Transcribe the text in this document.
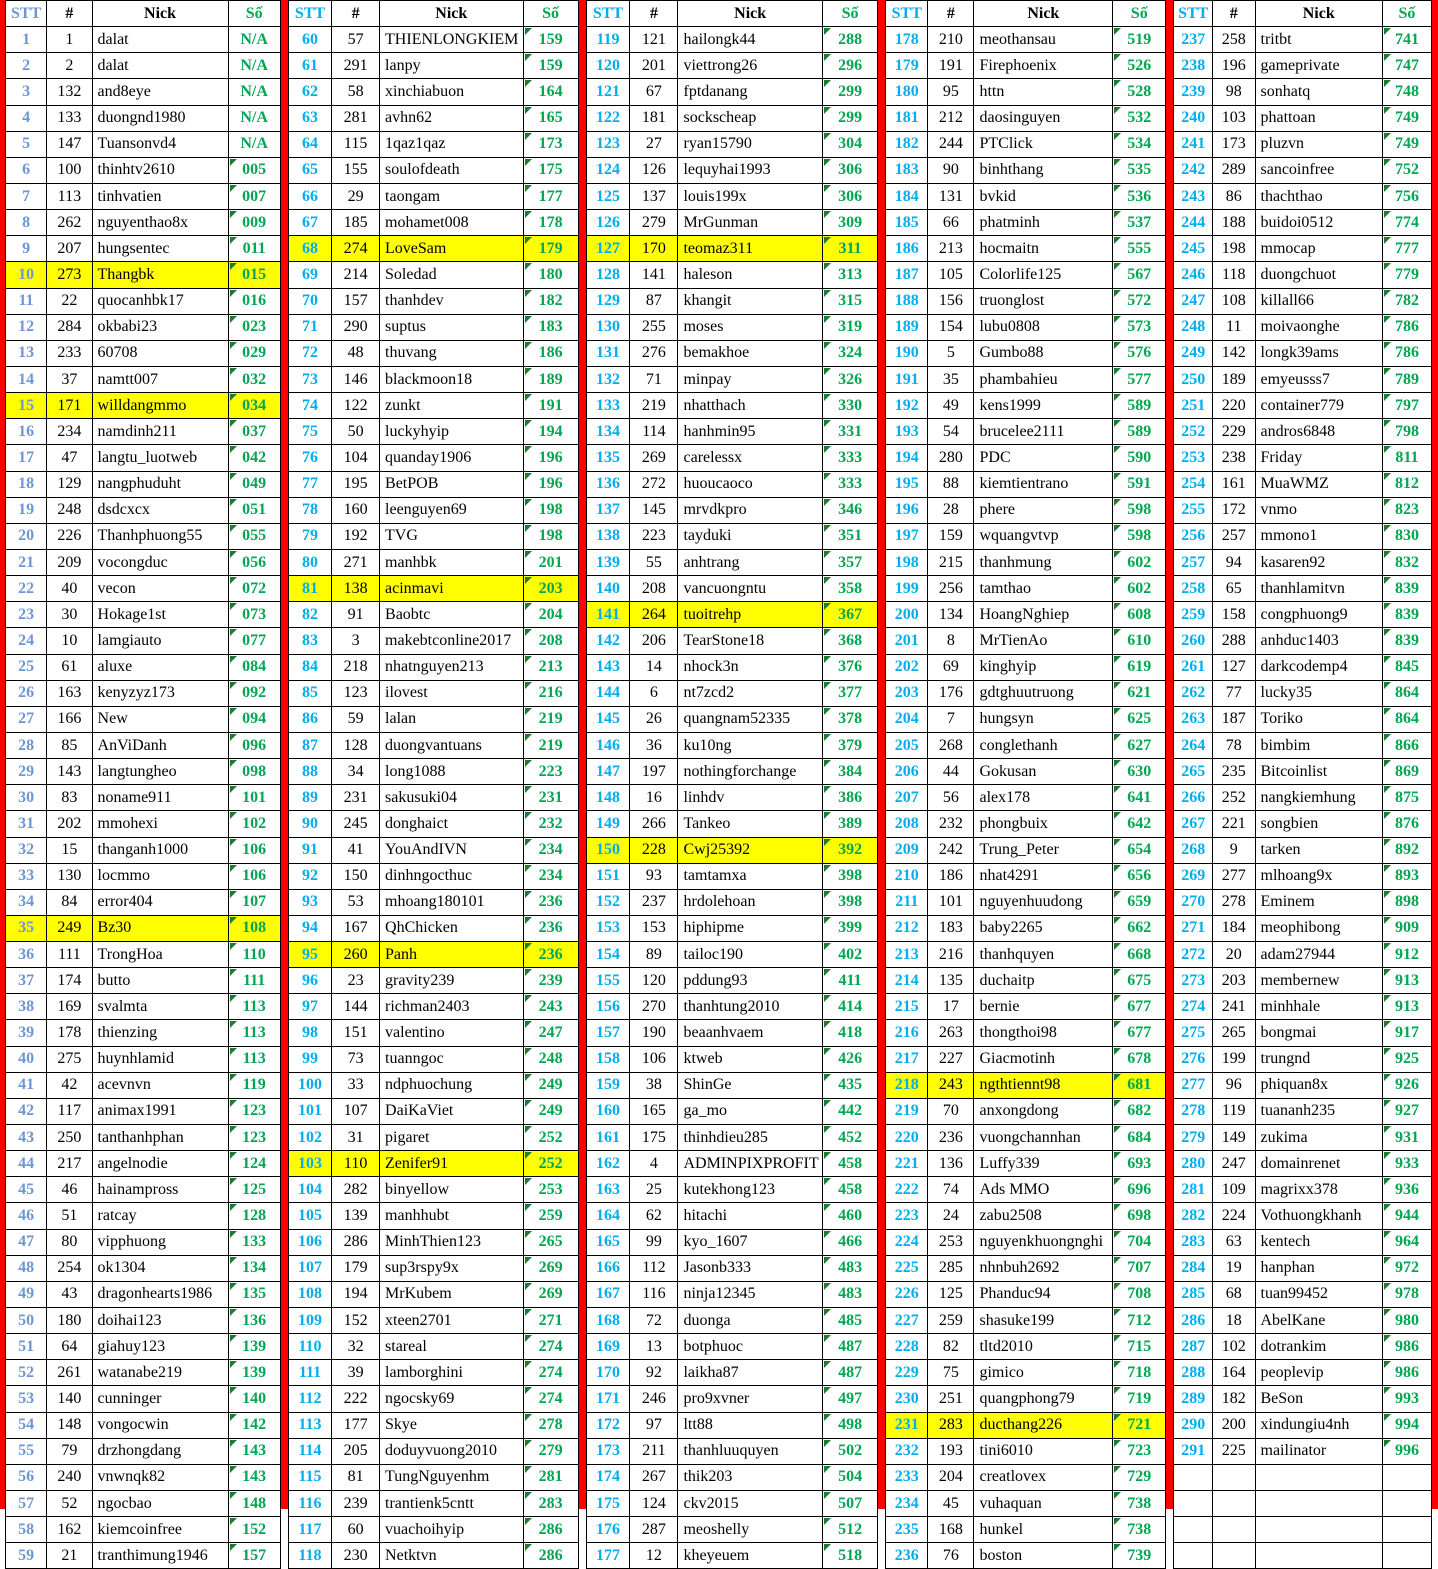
STT	#	Nick	Số
1	1	dalat	N/A
2	2	dalat	N/A
3	132	and8eye	N/A
4	133	duongnd1980	N/A
5	147	Tuansonvd4	N/A
6	100	thinhtv2610	005

7	113	tinhvatien	007

8	262	nguyenthao8x	009

9	207	hungsentec	011

10	273	Thangbk	015

11	22	quocanhbk17	016

12	284	okbabi23	023

13	233	60708	029

14	37	namtt007	032

15	171	willdangmmo	034

16	234	namdinh211	037

17	47	langtu_luotweb	042

18	129	nangphuduht	049

19	248	dsdcxcx	051

20	226	Thanhphuong55	055

21	209	vocongduc	056

22	40	vecon	072

23	30	Hokage1st	073

24	10	lamgiauto	077

25	61	aluxe	084

26	163	kenyzyz173	092

27	166	New	094

28	85	AnViDanh	096

29	143	langtungheo	098

30	83	noname911	101

31	202	mmohexi	102

32	15	thanganh1000	106

33	130	locmmo	106

34	84	error404	107

35	249	Bz30	108

36	111	TrongHoa	110

37	174	butto	111

38	169	svalmta	113

39	178	thienzing	113

40	275	huynhlamid	113

41	42	acevnvn	119

42	117	animax1991	123

43	250	tanthanhphan	123

44	217	angelnodie	124

45	46	hainampross	125

46	51	ratcay	128

47	80	vipphuong	133

48	254	ok1304	134

49	43	dragonhearts1986	135

50	180	doihai123	136

51	64	giahuy123	139

52	261	watanabe219	139

53	140	cunninger	140

54	148	vongocwin	142

55	79	drzhongdang	143

56	240	vnwnqk82	143

57	52	ngocbao	148

58	162	kiemcoinfree	152

59	21	tranthimung1946	157
STT	#	Nick	Số
60	57	THIENLONGKIEM	159

61	291	lanpy	159

62	58	xinchiabuon	164

63	281	avhn62	165

64	115	1qaz1qaz	173

65	155	soulofdeath	175

66	29	taongam	177

67	185	mohamet008	178

68	274	LoveSam	179

69	214	Soledad	180

70	157	thanhdev	182

71	290	suptus	183

72	48	thuvang	186

73	146	blackmoon18	189

74	122	zunkt	191

75	50	luckyhyip	194

76	104	quanday1906	196

77	195	BetPOB	196

78	160	leenguyen69	198

79	192	TVG	198

80	271	manhbk	201

81	138	acinmavi	203

82	91	Baobtc	204

83	3	makebtconline2017	208

84	218	nhatnguyen213	213

85	123	ilovest	216

86	59	lalan	219

87	128	duongvantuans	219

88	34	long1088	223

89	231	sakusuki04	231

90	245	donghaict	232

91	41	YouAndIVN	234

92	150	dinhngocthuc	234

93	53	mhoang180101	236

94	167	QhChicken	236

95	260	Panh	236

96	23	gravity239	239

97	144	richman2403	243

98	151	valentino	247

99	73	tuanngoc	248

100	33	ndphuochung	249

101	107	DaiKaViet	249

102	31	pigaret	252

103	110	Zenifer91	252

104	282	binyellow	253

105	139	manhhubt	259

106	286	MinhThien123	265

107	179	sup3rspy9x	269

108	194	MrKubem	269

109	152	xteen2701	271

110	32	stareal	274

111	39	lamborghini	274

112	222	ngocsky69	274

113	177	Skye	278

114	205	doduyvuong2010	279

115	81	TungNguyenhm	281

116	239	trantienk5cntt	283

117	60	vuachoihyip	286

118	230	Netktvn	286
STT	#	Nick	Số
119	121	hailongk44	288

120	201	viettrong26	296

121	67	fptdanang	299

122	181	sockscheap	299

123	27	ryan15790	304

124	126	lequyhai1993	306

125	137	louis199x	306

126	279	MrGunman	309

127	170	teomaz311	311

128	141	haleson	313

129	87	khangit	315

130	255	moses	319

131	276	bemakhoe	324

132	71	minpay	326

133	219	nhatthach	330

134	114	hanhmin95	331

135	269	carelessx	333

136	272	huoucaoco	333

137	145	mrvdkpro	346

138	223	tayduki	351

139	55	anhtrang	357

140	208	vancuongntu	358

141	264	tuoitrehp	367

142	206	TearStone18	368

143	14	nhock3n	376

144	6	nt7zcd2	377

145	26	quangnam52335	378

146	36	ku10ng	379

147	197	nothingforchange	384

148	16	linhdv	386

149	266	Tankeo	389

150	228	Cwj25392	392

151	93	tamtamxa	398

152	237	hrdolehoan	398

153	153	hiphipme	399

154	89	tailoc190	402

155	120	pddung93	411

156	270	thanhtung2010	414

157	190	beaanhvaem	418

158	106	ktweb	426

159	38	ShinGe	435

160	165	ga_mo	442

161	175	thinhdieu285	452

162	4	ADMINPIXPROFIT	458

163	25	kutekhong123	458

164	62	hitachi	460

165	99	kyo_1607	466

166	112	Jasonb333	483

167	116	ninja12345	483

168	72	duonga	485

169	13	botphuoc	487

170	92	laikha87	487

171	246	pro9xvner	497

172	97	ltt88	498

173	211	thanhluuquyen	502

174	267	thik203	504

175	124	ckv2015	507

176	287	meoshelly	512

177	12	kheyeuem	518
STT	#	Nick	Số
178	210	meothansau	519

179	191	Firephoenix	526

180	95	httn	528

181	212	daosinguyen	532

182	244	PTClick	534

183	90	binhthang	535

184	131	bvkid	536

185	66	phatminh	537

186	213	hocmaitn	555

187	105	Colorlife125	567

188	156	truonglost	572

189	154	lubu0808	573

190	5	Gumbo88	576

191	35	phambahieu	577

192	49	kens1999	589

193	54	brucelee2111	589

194	280	PDC	590

195	88	kiemtientrano	591

196	28	phere	598

197	159	wquangvtvp	598

198	215	thanhmung	602

199	256	tamthao	602

200	134	HoangNghiep	608

201	8	MrTienAo	610

202	69	kinghyip	619

203	176	gdtghuutruong	621

204	7	hungsyn	625

205	268	conglethanh	627

206	44	Gokusan	630

207	56	alex178	641

208	232	phongbuix	642

209	242	Trung_Peter	654

210	186	nhat4291	656

211	101	nguyenhuudong	659

212	183	baby2265	662

213	216	thanhquyen	668

214	135	duchaitp	675

215	17	bernie	677

216	263	thongthoi98	677

217	227	Giacmotinh	678

218	243	ngthtiennt98	681

219	70	anxongdong	682

220	236	vuongchannhan	684

221	136	Luffy339	693

222	74	Ads MMO	696

223	24	zabu2508	698

224	253	nguyenkhuongnghi	704

225	285	nhnbuh2692	707

226	125	Phanduc94	708

227	259	shasuke199	712

228	82	tltd2010	715

229	75	gimico	718

230	251	quangphong79	719

231	283	ducthang226	721

232	193	tini6010	723

233	204	creatlovex	729

234	45	vuhaquan	738

235	168	hunkel	738

236	76	boston	739
STT	#	Nick	Số
237	258	tritbt	741

238	196	gameprivate	747

239	98	sonhatq	748

240	103	phattoan	749

241	173	pluzvn	749

242	289	sancoinfree	752

243	86	thachthao	756

244	188	buidoi0512	774

245	198	mmocap	777

246	118	duongchuot	779

247	108	killall66	782

248	11	moivaonghe	786

249	142	longk39ams	786

250	189	emyeusss7	789

251	220	container779	797

252	229	andros6848	798

253	238	Friday	811

254	161	MuaWMZ	812

255	172	vnmo	823

256	257	mmono1	830

257	94	kasaren92	832

258	65	thanhlamitvn	839

259	158	congphuong9	839

260	288	anhduc1403	839

261	127	darkcodemp4	845

262	77	lucky35	864

263	187	Toriko	864

264	78	bimbim	866

265	235	Bitcoinlist	869

266	252	nangkiemhung	875

267	221	songbien	876

268	9	tarken	892

269	277	mlhoang9x	893

270	278	Eminem	898

271	184	meophibong	909

272	20	adam27944	912

273	203	membernew	913

274	241	minhhale	913

275	265	bongmai	917

276	199	trungnd	925

277	96	phiquan8x	926

278	119	tuananh235	927

279	149	zukima	931

280	247	domainrenet	933

281	109	magrixx378	936

282	224	Vothuongkhanh	944

283	63	kentech	964

284	19	hanphan	972

285	68	tuan99452	978

286	18	AbelKane	980

287	102	dotrankim	986

288	164	peoplevip	986

289	182	BeSon	993

290	200	xindungiu4nh	994

291	225	mailinator	996
